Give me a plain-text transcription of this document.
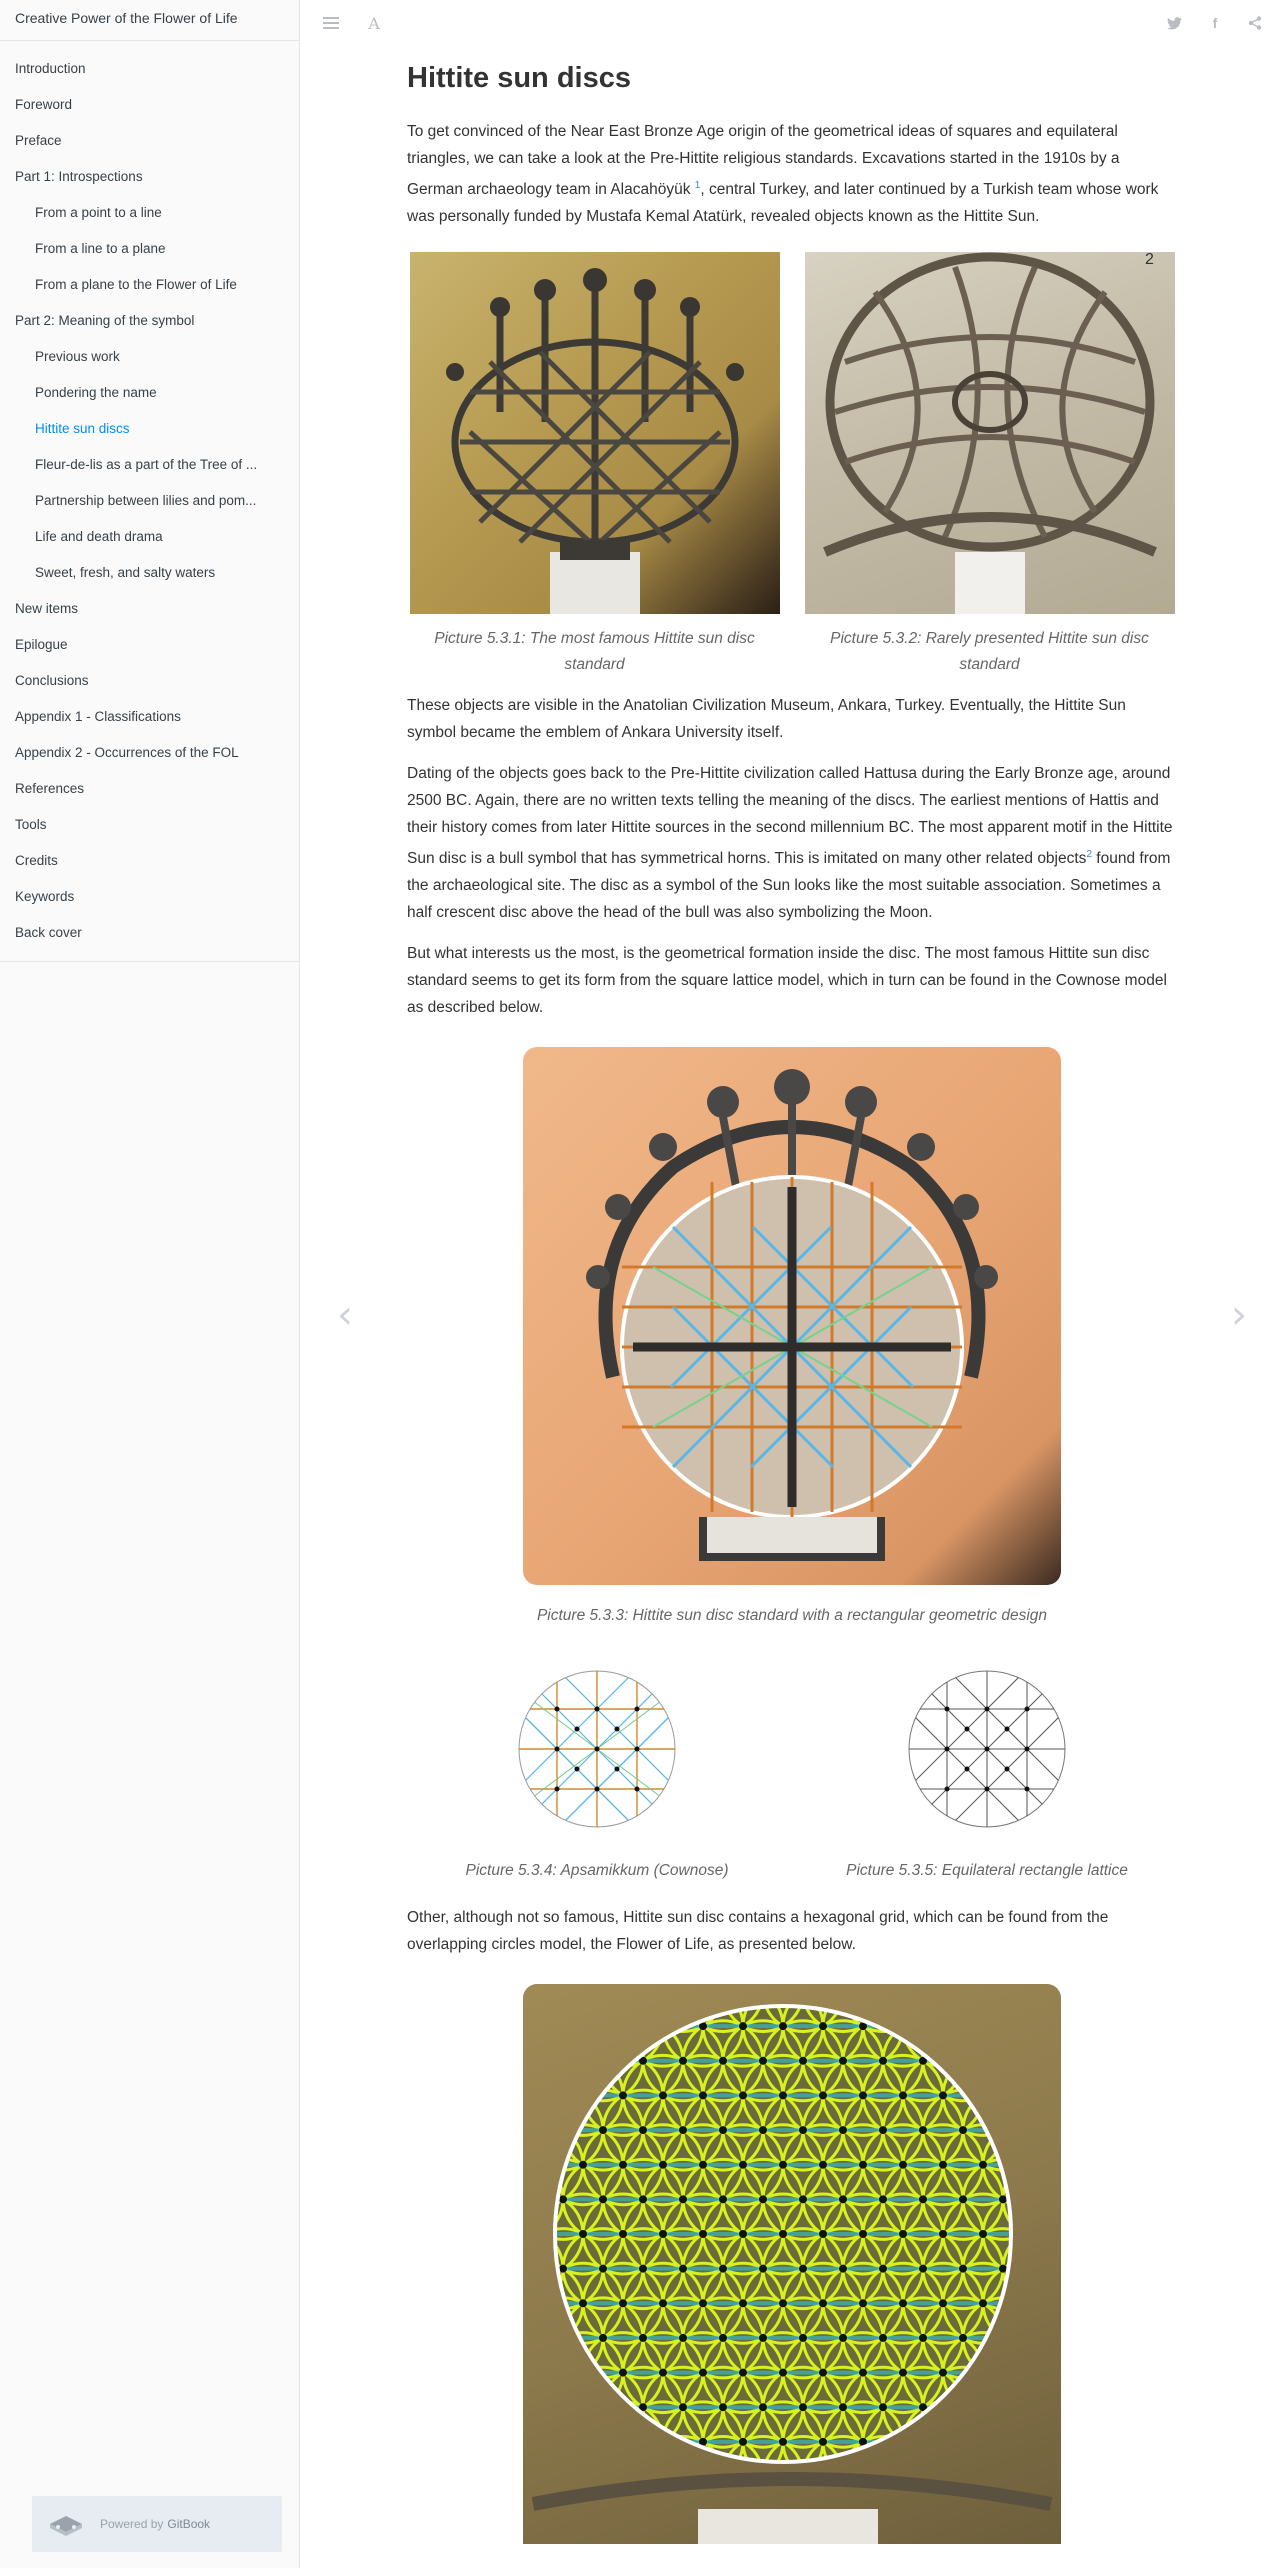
Creative Power of the Flower of Life
Introduction
Foreword
Preface
Part 1: Introspections
From a point to a line
From a line to a plane
From a plane to the Flower of Life
Part 2: Meaning of the symbol
Previous work
Pondering the name
Hittite sun discs
Fleur-de-lis as a part of the Tree of ...
Partnership between lilies and pom...
Life and death drama
Sweet, fresh, and salty waters
New items
Epilogue
Conclusions
Appendix 1 - Classifications
Appendix 2 - Occurrences of the FOL
References
Tools
Credits
Keywords
Back cover
Powered by GitBook
A	f
‹	›
Hittite sun discs

To get convinced of the Near East Bronze Age origin of the geometrical ideas of squares and equilateral triangles, we can take a look at the Pre-Hittite religious standards. Excavations started in the 1910s by a German archaeology team in Alacahöyük $^1$, central Turkey, and later continued by a Turkish team whose work was personally funded by Mustafa Kemal Atatürk, revealed objects known as the Hittite Sun.

Picture 5.3.1: The most famous Hittite sun disc standard
2
Picture 5.3.2: Rarely presented Hittite sun disc standard

These objects are visible in the Anatolian Civilization Museum, Ankara, Turkey. Eventually, the Hittite Sun symbol became the emblem of Ankara University itself.

Dating of the objects goes back to the Pre-Hittite civilization called Hattusa during the Early Bronze age, around 2500 BC. Again, there are no written texts telling the meaning of the discs. The earliest mentions of Hattis and their history comes from later Hittite sources in the second millennium BC. The most apparent motif in the Hittite Sun disc is a bull symbol that has symmetrical horns. This is imitated on many other related objects$^2$ found from the archaeological site. The disc as a symbol of the Sun looks like the most suitable association. Sometimes a half crescent disc above the head of the bull was also symbolizing the Moon.

But what interests us the most, is the geometrical formation inside the disc. The most famous Hittite sun disc standard seems to get its form from the square lattice model, which in turn can be found in the Cownose model as described below.

Picture 5.3.3: Hittite sun disc standard with a rectangular geometric design
Picture 5.3.4: Apsamikkum (Cownose)	Picture 5.3.5: Equilateral rectangle lattice

Other, although not so famous, Hittite sun disc contains a hexagonal grid, which can be found from the overlapping circles model, the Flower of Life, as presented below.
